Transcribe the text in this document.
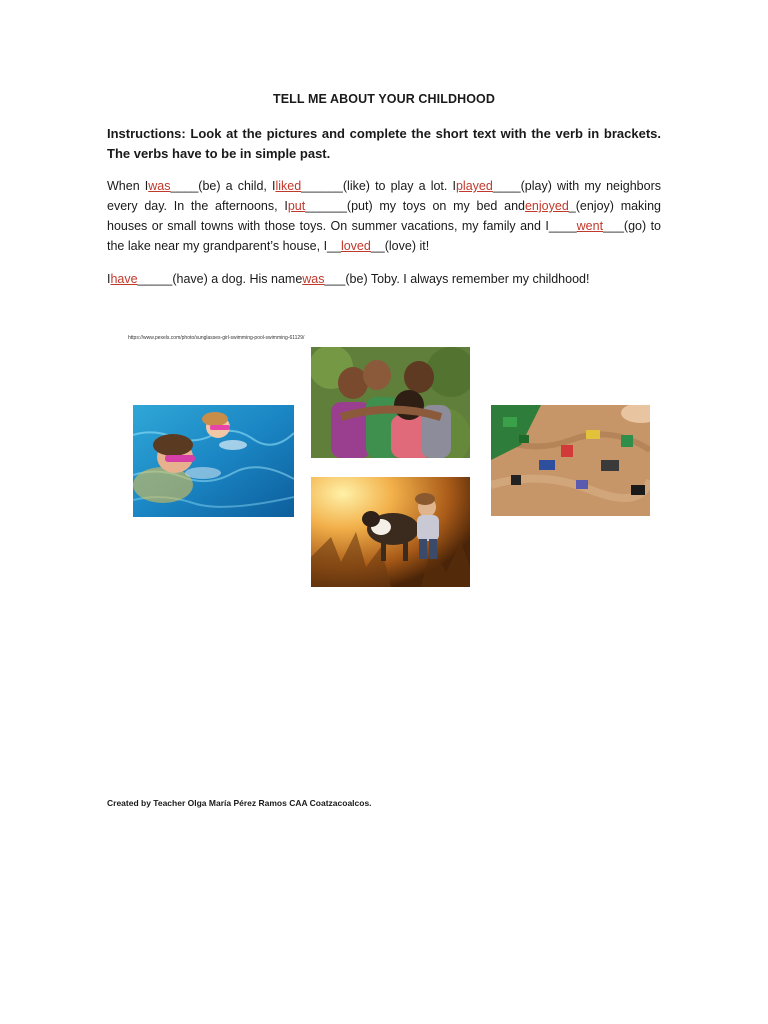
TELL ME ABOUT YOUR CHILDHOOD
Instructions: Look at the pictures and complete the short text with the verb in brackets. The verbs have to be in simple past.
When Iwas____(be) a child, Iliked______(like) to play a lot. Iplayed____(play) with my neighbors every day. In the afternoons, Iput______(put) my toys on my bed andenjoyed_(enjoy) making houses or small towns with those toys. On summer vacations, my family and I____went___(go) to the lake near my grandparent’s house, I__loved__(love) it!
Ihave_____(have) a dog. His namewas___(be) Toby. I always remember my childhood!
https://www.pexels.com/photo/sunglasses-girl-swimming-pool-swimming-61129/
Created by Teacher Olga María Pérez Ramos CAA Coatzacoalcos.
